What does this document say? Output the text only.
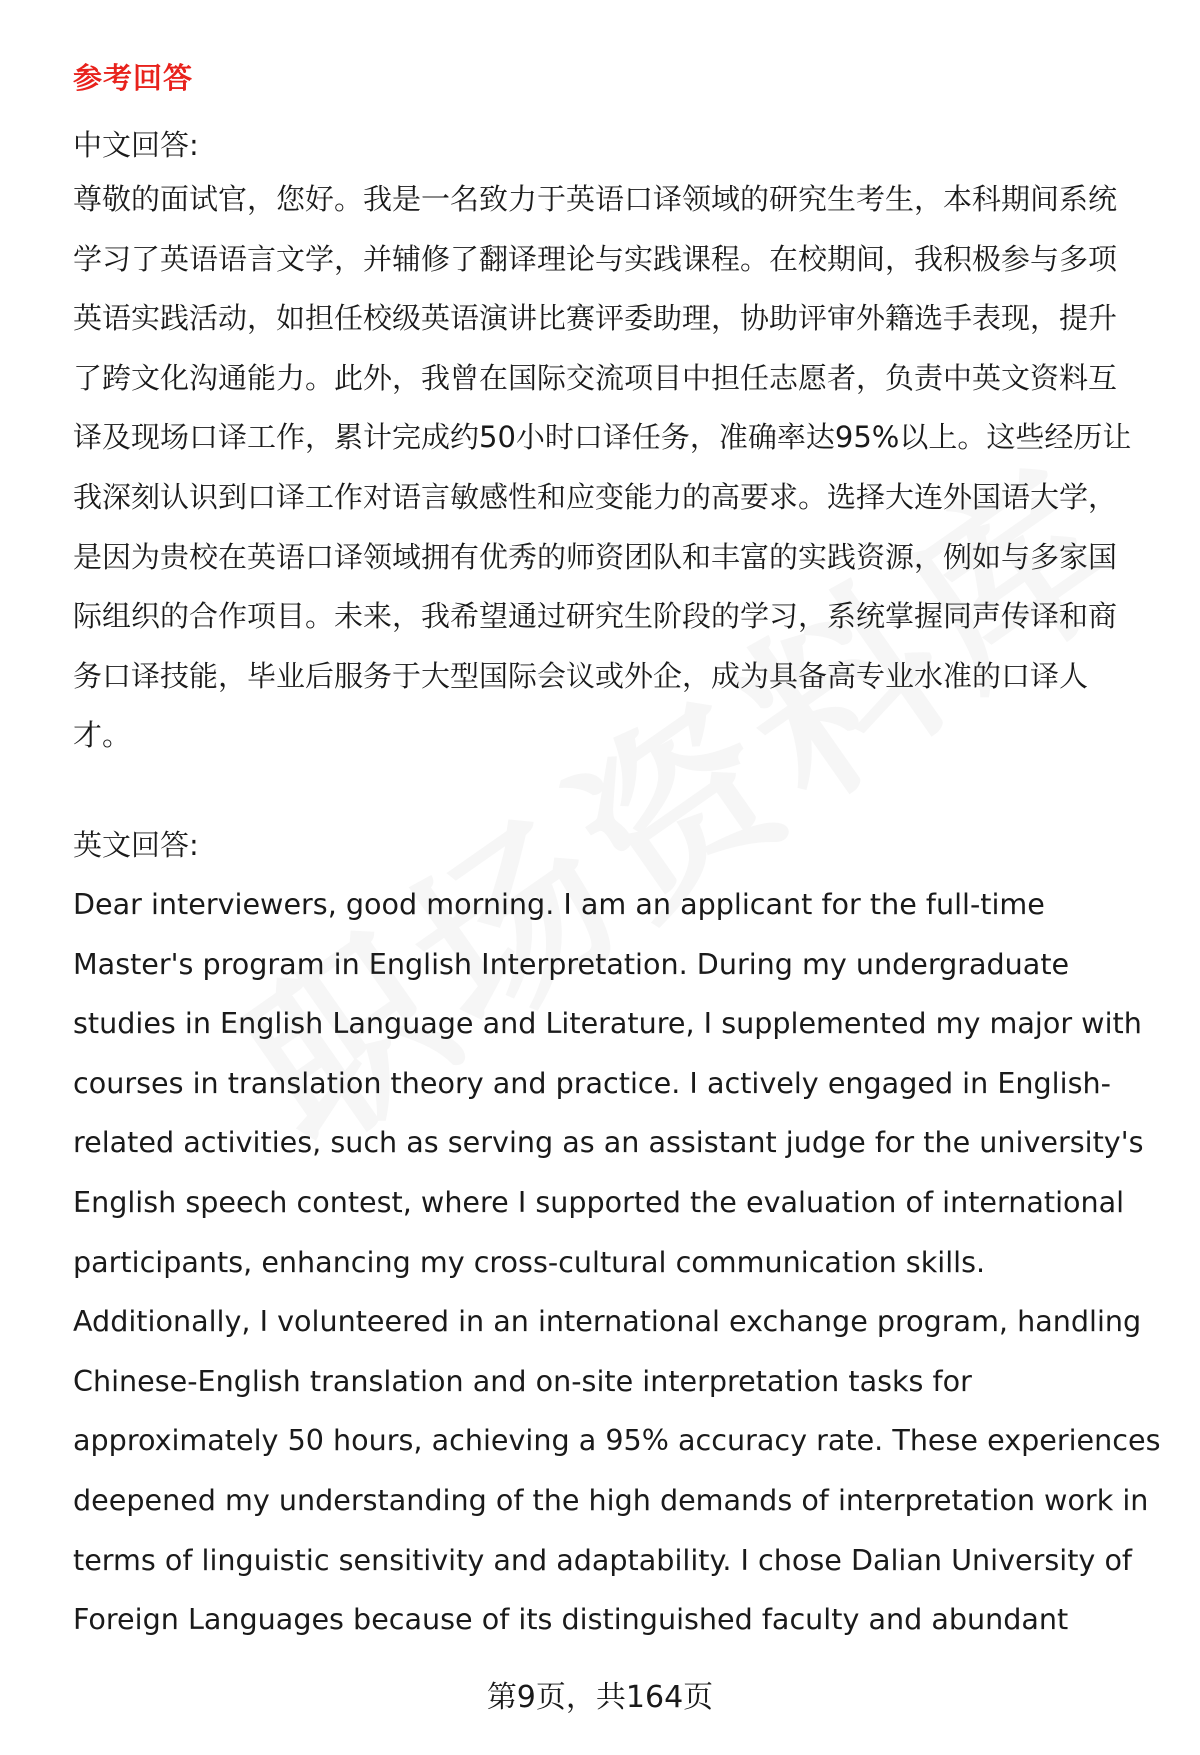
参考回答
中文回答:
尊敬的面试官，您好。我是一名致力于英语口译领域的研究生考生，本科期间系统
学习了英语语言文学，并辅修了翻译理论与实践课程。在校期间，我积极参与多项
英语实践活动，如担任校级英语演讲比赛评委助理，协助评审外籍选手表现，提升
了跨文化沟通能力。此外，我曾在国际交流项目中担任志愿者，负责中英文资料互
译及现场口译工作，累计完成约50小时口译任务，准确率达95%以上。这些经历让
我深刻认识到口译工作对语言敏感性和应变能力的高要求。选择大连外国语大学，
是因为贵校在英语口译领域拥有优秀的师资团队和丰富的实践资源，例如与多家国
际组织的合作项目。未来，我希望通过研究生阶段的学习，系统掌握同声传译和商
务口译技能，毕业后服务于大型国际会议或外企，成为具备高专业水准的口译人
才。
英文回答:
Dear interviewers, good morning. I am an applicant for the full-time
Master's program in English Interpretation. During my undergraduate
studies in English Language and Literature, I supplemented my major with
courses in translation theory and practice. I actively engaged in English-
related activities, such as serving as an assistant judge for the university's
English speech contest, where I supported the evaluation of international
participants, enhancing my cross-cultural communication skills.
Additionally, I volunteered in an international exchange program, handling
Chinese-English translation and on-site interpretation tasks for
approximately 50 hours, achieving a 95% accuracy rate. These experiences
deepened my understanding of the high demands of interpretation work in
terms of linguistic sensitivity and adaptability. I chose Dalian University of
Foreign Languages because of its distinguished faculty and abundant
第9页，共164页
